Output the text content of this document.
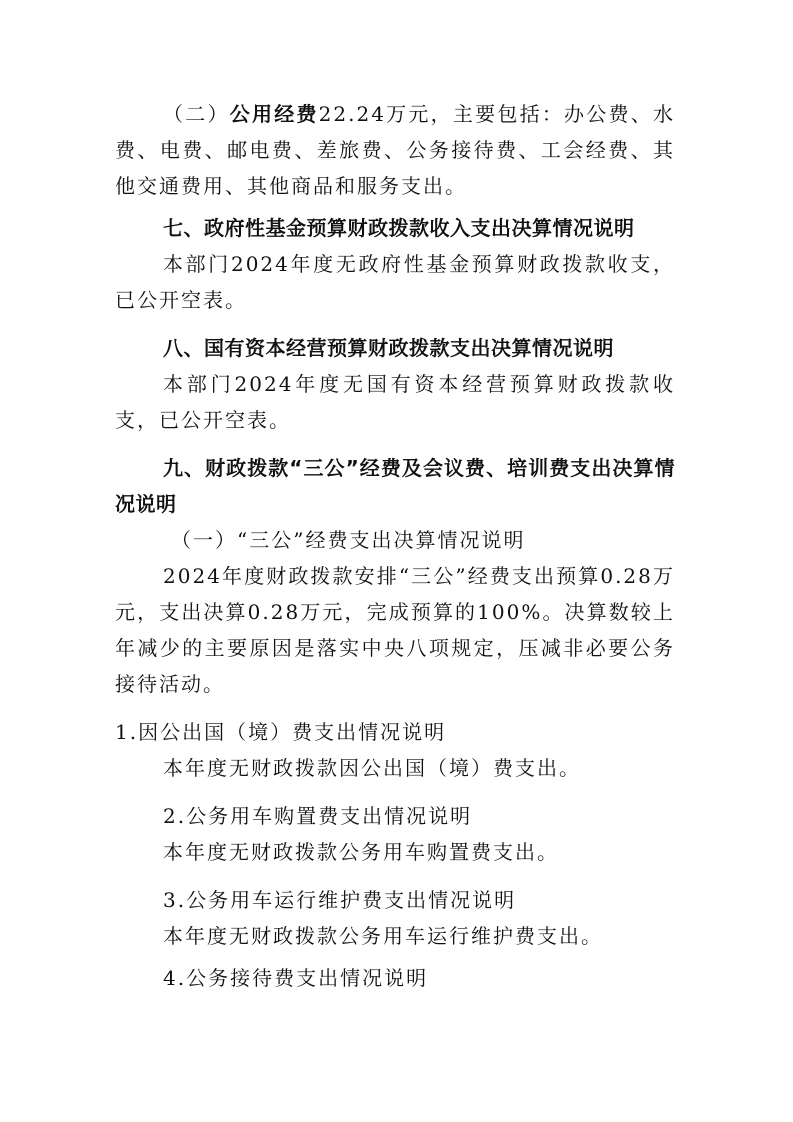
（二）公用经费22.24万元，主要包括：办公费、水费、电费、邮电费、差旅费、公务接待费、工会经费、其他交通费用、其他商品和服务支出。

七、政府性基金预算财政拨款收入支出决算情况说明

本部门2024年度无政府性基金预算财政拨款收支，已公开空表。

八、国有资本经营预算财政拨款支出决算情况说明

本部门2024年度无国有资本经营预算财政拨款收支，已公开空表。

九、财政拨款“三公”经费及会议费、培训费支出决算情况说明

（一）“三公”经费支出决算情况说明

2024年度财政拨款安排“三公”经费支出预算0.28万元，支出决算0.28万元，完成预算的100%。决算数较上年减少的主要原因是落实中央八项规定，压减非必要公务接待活动。

1.因公出国（境）费支出情况说明

本年度无财政拨款因公出国（境）费支出。

2.公务用车购置费支出情况说明

本年度无财政拨款公务用车购置费支出。

3.公务用车运行维护费支出情况说明

本年度无财政拨款公务用车运行维护费支出。

4.公务接待费支出情况说明
